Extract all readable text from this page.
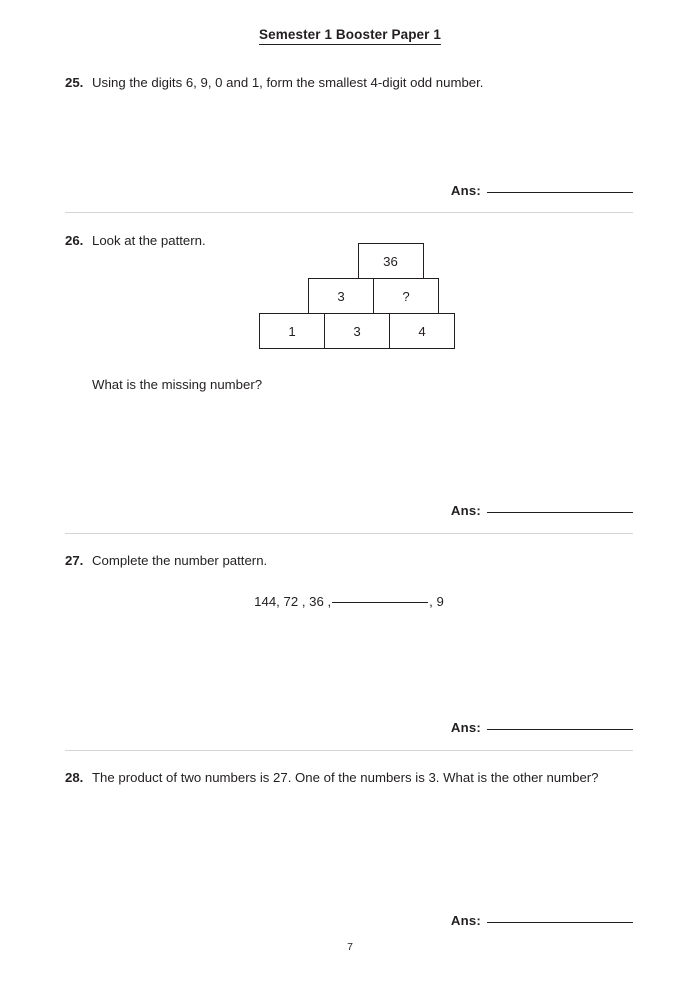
Semester 1 Booster Paper 1
25. Using the digits 6, 9, 0 and 1, form the smallest 4-digit odd number.
Ans:
26. Look at the pattern.
36
3	?
1	3	4
What is the missing number?
Ans:
27. Complete the number pattern.
144, 72 , 36 ,	, 9
Ans:
28. The product of two numbers is 27. One of the numbers is 3. What is the other number?
Ans:
7
